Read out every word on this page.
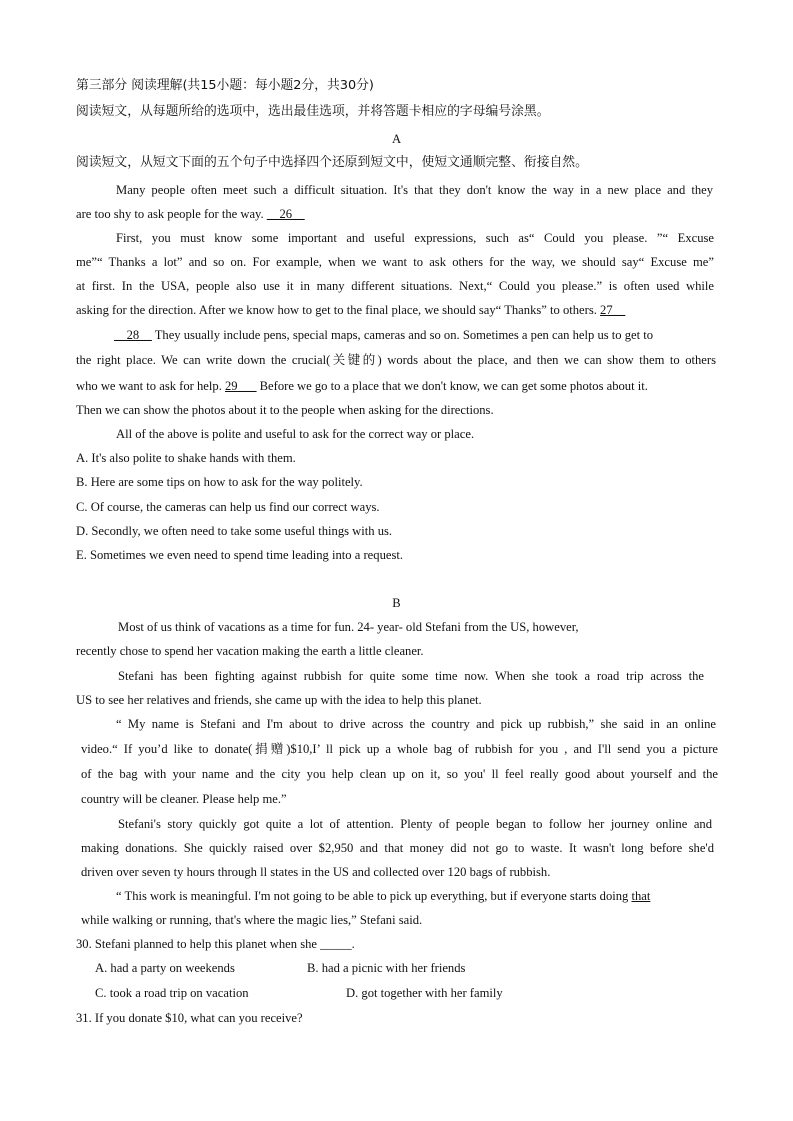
第三部分 阅读理解(共15小题：每小题2分，共30分)
阅读短文，从每题所给的选项中，选出最佳选项，并将答题卡相应的字母编号涂黑。
A
阅读短文，从短文下面的五个句子中选择四个还原到短文中，使短文通顺完整、衔接自然。
Many people often meet such a difficult situation. It's that they don't know the way in a new place and they
are too shy to ask people for the way. __26__
First, you must know some important and useful expressions, such as“ Could you please. ”“ Excuse
me”“ Thanks a lot” and so on. For example, when we want to ask others for the way, we should say“ Excuse me”
at first. In the USA, people also use it in many different situations. Next,“ Could you please.” is often used while
asking for the direction. After we know how to get to the final place, we should say“ Thanks” to others. 27__
__28__ They usually include pens, special maps, cameras and so on. Sometimes a pen can help us to get to
the right place. We can write down the crucial(关键的) words about the place, and then we can show them to others
who we want to ask for help. 29___ Before we go to a place that we don't know, we can get some photos about it.
Then we can show the photos about it to the people when asking for the directions.
All of the above is polite and useful to ask for the correct way or place.
A. It's also polite to shake hands with them.
B. Here are some tips on how to ask for the way politely.
C. Of course, the cameras can help us find our correct ways.
D. Secondly, we often need to take some useful things with us.
E. Sometimes we even need to spend time leading into a request.
B
Most of us think of vacations as a time for fun. 24- year- old Stefani from the US, however,
recently chose to spend her vacation making the earth a little cleaner.
Stefani has been fighting against rubbish for quite some time now. When she took a road trip across the
US to see her relatives and friends, she came up with the idea to help this planet.
“ My name is Stefani and I'm about to drive across the country and pick up rubbish,” she said in an online
video.“ If you’d like to donate(捐赠)$10,I’ ll pick up a whole bag of rubbish for you , and I'll send you a picture
of the bag with your name and the city you help clean up on it, so you' ll feel really good about yourself and the
country will be cleaner. Please help me.”
Stefani's story quickly got quite a lot of attention. Plenty of people began to follow her journey online and
making donations. She quickly raised over $2,950 and that money did not go to waste. It wasn't long before she'd
driven over seven ty hours through ll states in the US and collected over 120 bags of rubbish.
“ This work is meaningful. I'm not going to be able to pick up everything, but if everyone starts doing that
while walking or running, that's where the magic lies,” Stefani said.
30. Stefani planned to help this planet when she _____.
A. had a party on weekends	B. had a picnic with her friends
C. took a road trip on vacation	D. got together with her family
31. If you donate $10, what can you receive?
